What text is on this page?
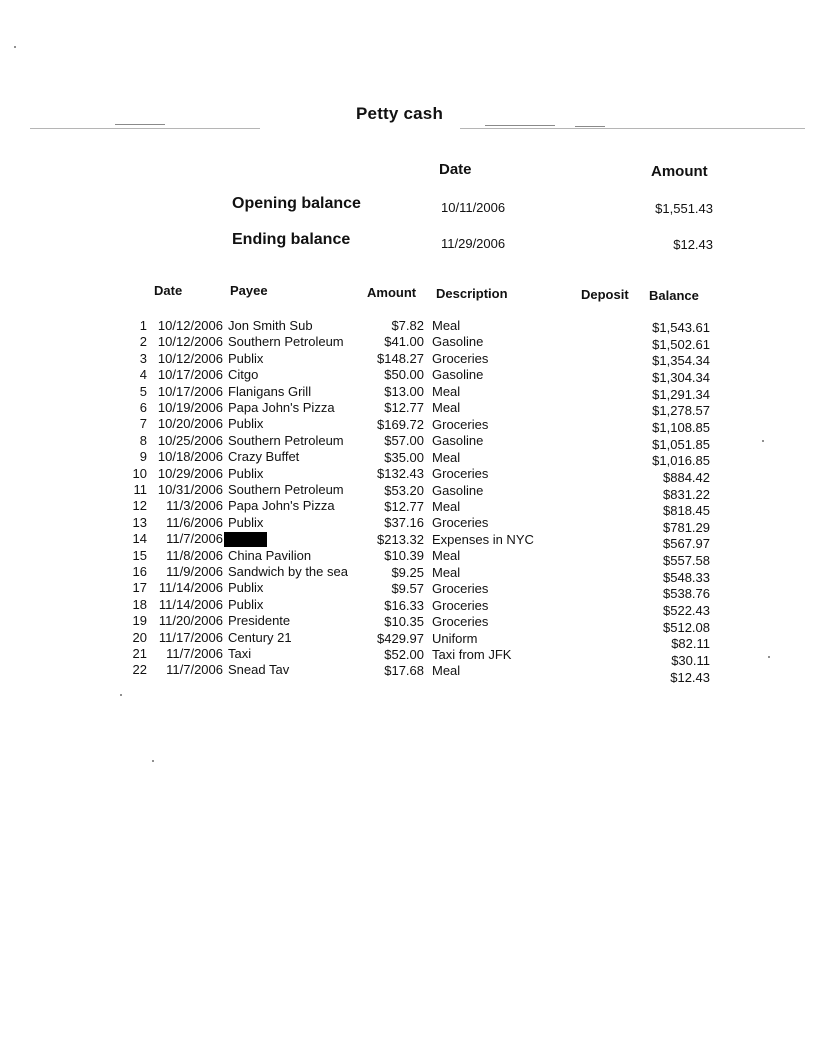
Petty cash
Date	Amount
Opening balance	10/11/2006	$1,551.43
Ending balance	11/29/2006	$12.43
Date	Payee	Amount Description	Deposit Balance
1 10/12/2006 Jon Smith Sub	$7.82 Meal	$1,543.61
2 10/12/2006 Southern Petroleum	$41.00 Gasoline	$1,502.61
3 10/12/2006 Publix	$148.27 Groceries	$1,354.34
4 10/17/2006 Citgo	$50.00 Gasoline	$1,304.34
5 10/17/2006 Flanigans Grill	$13.00 Meal	$1,291.34
6 10/19/2006 Papa John's Pizza	$12.77 Meal	$1,278.57
7 10/20/2006 Publix	$169.72 Groceries	$1,108.85
8 10/25/2006 Southern Petroleum	$57.00 Gasoline	$1,051.85
9 10/18/2006 Crazy Buffet	$35.00 Meal	$1,016.85
10 10/29/2006 Publix	$132.43 Groceries	$884.42
11 10/31/2006 Southern Petroleum	$53.20 Gasoline	$831.22
12 11/3/2006 Papa John's Pizza	$12.77 Meal	$818.45
13 11/6/2006 Publix	$37.16 Groceries	$781.29
14 11/7/2006	$213.32 Expenses in NYC	$567.97
15 11/8/2006 China Pavilion	$10.39 Meal	$557.58
16 11/9/2006 Sandwich by the sea	$9.25 Meal	$548.33
17 11/14/2006 Publix	$9.57 Groceries	$538.76
18 11/14/2006 Publix	$16.33 Groceries	$522.43
19 11/20/2006 Presidente	$10.35 Groceries	$512.08
20 11/17/2006 Century 21	$429.97 Uniform	$82.11
21 11/7/2006 Taxi	$52.00 Taxi from JFK	$30.11
22 11/7/2006 Snead Tav	$17.68 Meal	$12.43
